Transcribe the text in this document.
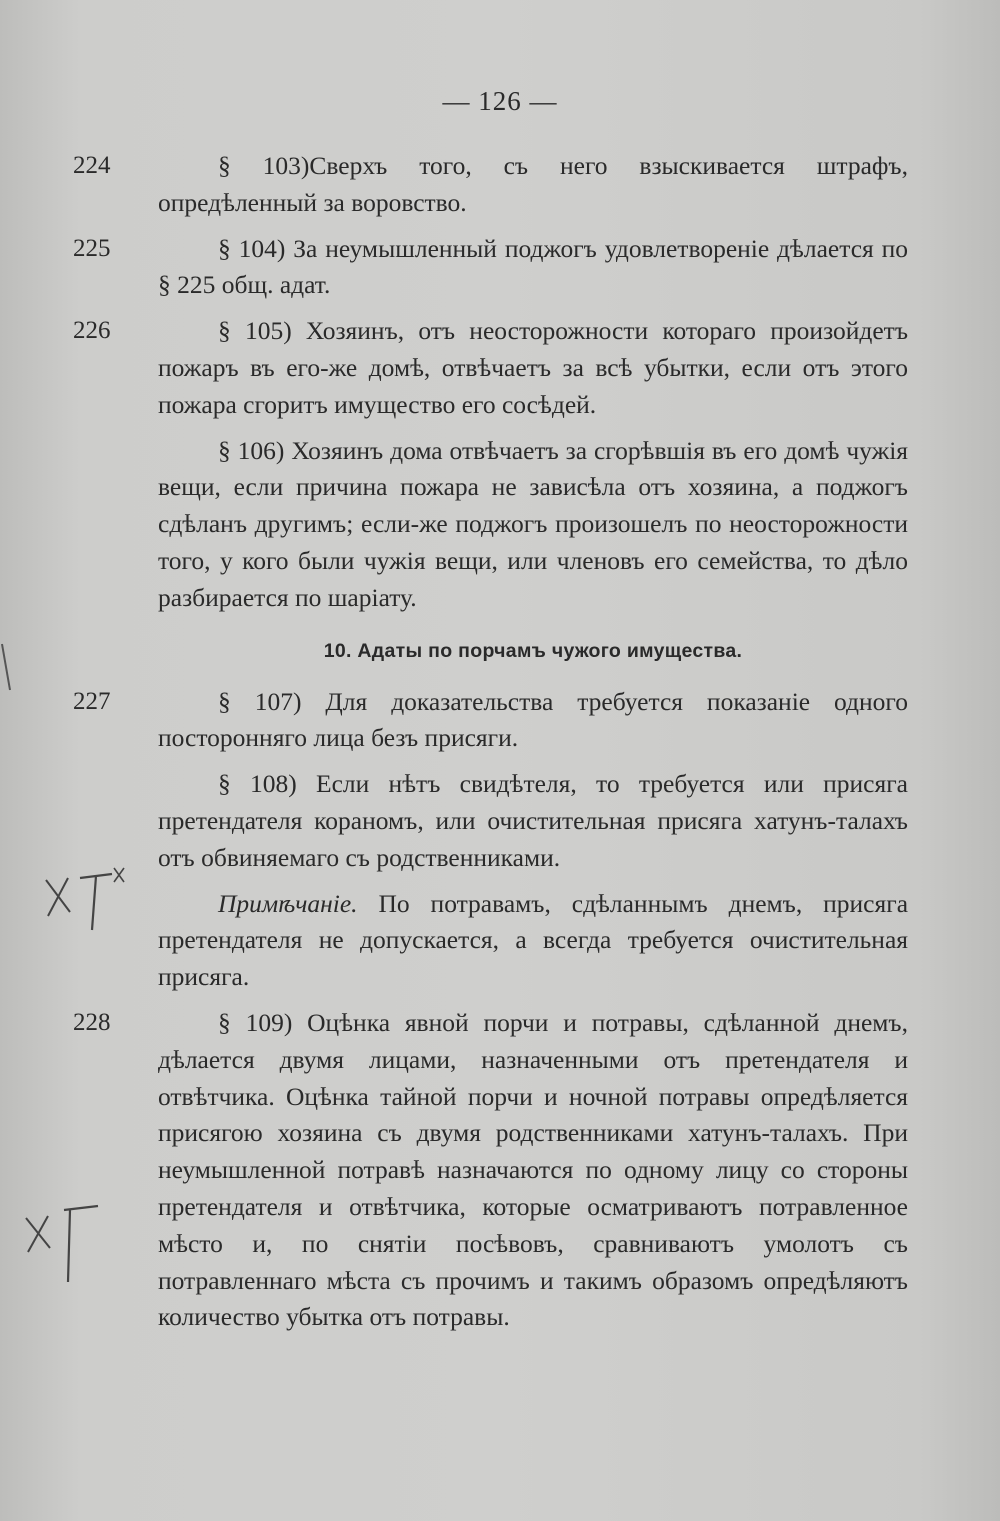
— 126 —

224	§ 103)Сверхъ того, съ него взыскивается штрафъ, опредѣленный за воровство.

225	§ 104) За неумышленный поджогъ удовлетвореніе дѣлается по § 225 общ. адат.

226	§ 105) Хозяинъ, отъ неосторожности котораго произойдетъ пожаръ въ его-же домѣ, отвѣчаетъ за всѣ убытки, если отъ этого пожара сгоритъ имущество его сосѣдей.

§ 106) Хозяинъ дома отвѣчаетъ за сгорѣвшія въ его домѣ чужія вещи, если причина пожара не зависѣла отъ хозяина, а поджогъ сдѣланъ другимъ; если-же поджогъ произошелъ по неосторожности того, у кого были чужія вещи, или членовъ его семейства, то дѣло разбирается по шаріату.

10. Адаты по порчамъ чужого имущества.

227	§ 107) Для доказательства требуется показаніе одного посторонняго лица безъ присяги.

§ 108) Если нѣтъ свидѣтеля, то требуется или присяга претендателя кораномъ, или очистительная присяга хатунъ-талахъ отъ обвиняемаго съ родственниками.

Примѣчаніе. По потравамъ, сдѣланнымъ днемъ, присяга претендателя не допускается, а всегда требуется очистительная присяга.

228	§ 109) Оцѣнка явной порчи и потравы, сдѣланной днемъ, дѣлается двумя лицами, назначенными отъ претендателя и отвѣтчика. Оцѣнка тайной порчи и ночной потравы опредѣляется присягою хозяина съ двумя родственниками хатунъ-талахъ. При неумышленной потравѣ назначаются по одному лицу со стороны претендателя и отвѣтчика, которые осматриваютъ потравленное мѣсто и, по снятіи посѣвовъ, сравниваютъ умолотъ съ потравленнаго мѣста съ прочимъ и такимъ образомъ опредѣляютъ количество убытка отъ потравы.
